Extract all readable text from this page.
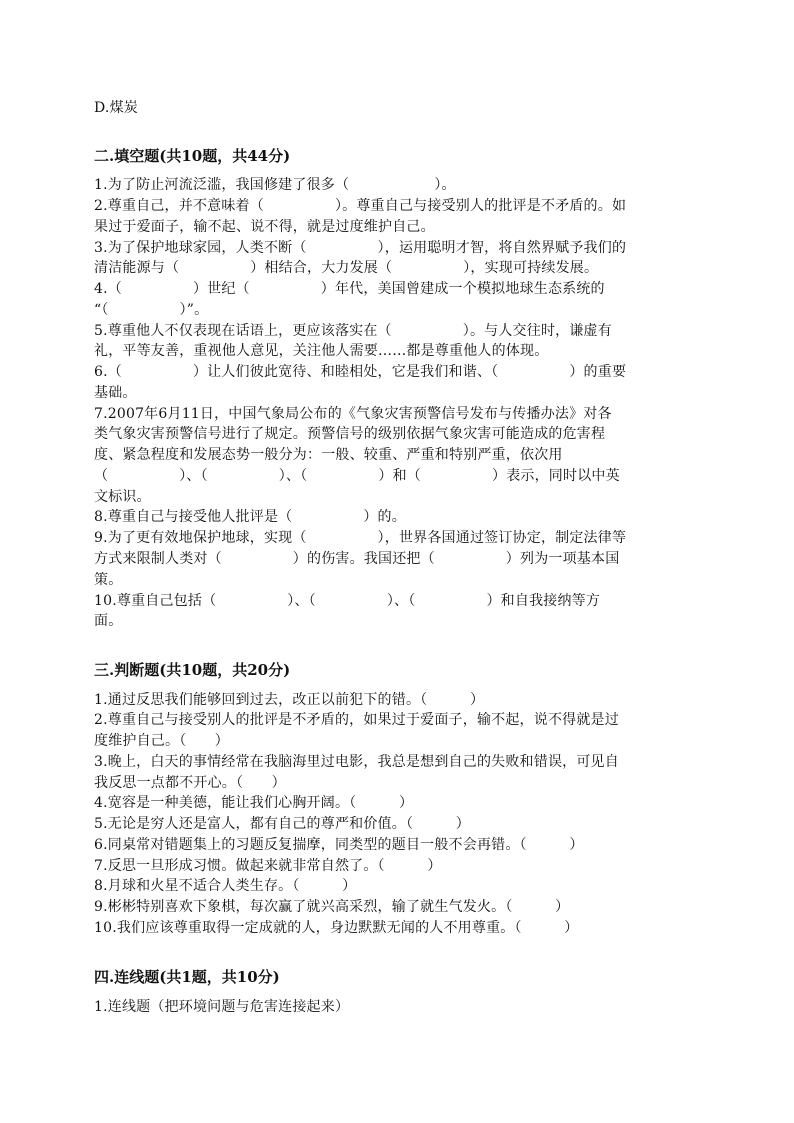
D.煤炭
二.填空题(共10题，共44分)
1.为了防止河流泛滥，我国修建了很多（　　　　　　）。
2.尊重自己，并不意味着（　　　　　）。尊重自己与接受别人的批评是不矛盾的。如
果过于爱面子，输不起、说不得，就是过度维护自己。
3.为了保护地球家园，人类不断（　　　　　），运用聪明才智，将自然界赋予我们的
清洁能源与（　　　　　）相结合，大力发展（　　　　　），实现可持续发展。
4.（　　　　　）世纪（　　　　　）年代，美国曾建成一个模拟地球生态系统的
“（　　　　　）”。
5.尊重他人不仅表现在话语上，更应该落实在（　　　　　）。与人交往时，谦虚有
礼，平等友善，重视他人意见，关注他人需要……都是尊重他人的体现。
6.（　　　　　）让人们彼此宽待、和睦相处，它是我们和谐、（　　　　　）的重要
基础。
7.2007年6月11日，中国气象局公布的《气象灾害预警信号发布与传播办法》对各
类气象灾害预警信号进行了规定。预警信号的级别依据气象灾害可能造成的危害程
度、紧急程度和发展态势一般分为：一般、较重、严重和特别严重，依次用
（　　　　　）、（　　　　　）、（　　　　　）和（　　　　　）表示，同时以中英
文标识。
8.尊重自己与接受他人批评是（　　　　　）的。
9.为了更有效地保护地球，实现（　　　　　），世界各国通过签订协定，制定法律等
方式来限制人类对（　　　　　）的伤害。我国还把（　　　　　）列为一项基本国
策。
10.尊重自己包括（　　　　　）、（　　　　　）、（　　　　　）和自我接纳等方
面。
三.判断题(共10题，共20分)
1.通过反思我们能够回到过去，改正以前犯下的错。（　　　）
2.尊重自己与接受别人的批评是不矛盾的，如果过于爱面子，输不起，说不得就是过
度维护自己。（　　）
3.晚上，白天的事情经常在我脑海里过电影，我总是想到自己的失败和错误，可见自
我反思一点都不开心。（　　）
4.宽容是一种美德，能让我们心胸开阔。（　　　）
5.无论是穷人还是富人，都有自己的尊严和价值。（　　　）
6.同桌常对错题集上的习题反复揣摩，同类型的题目一般不会再错。（　　　）
7.反思一旦形成习惯。做起来就非常自然了。（　　　）
8.月球和火星不适合人类生存。（　　　）
9.彬彬特别喜欢下象棋，每次赢了就兴高采烈，输了就生气发火。（　　　）
10.我们应该尊重取得一定成就的人，身边默默无闻的人不用尊重。（　　　）
四.连线题(共1题，共10分)
1.连线题（把环境问题与危害连接起来）
